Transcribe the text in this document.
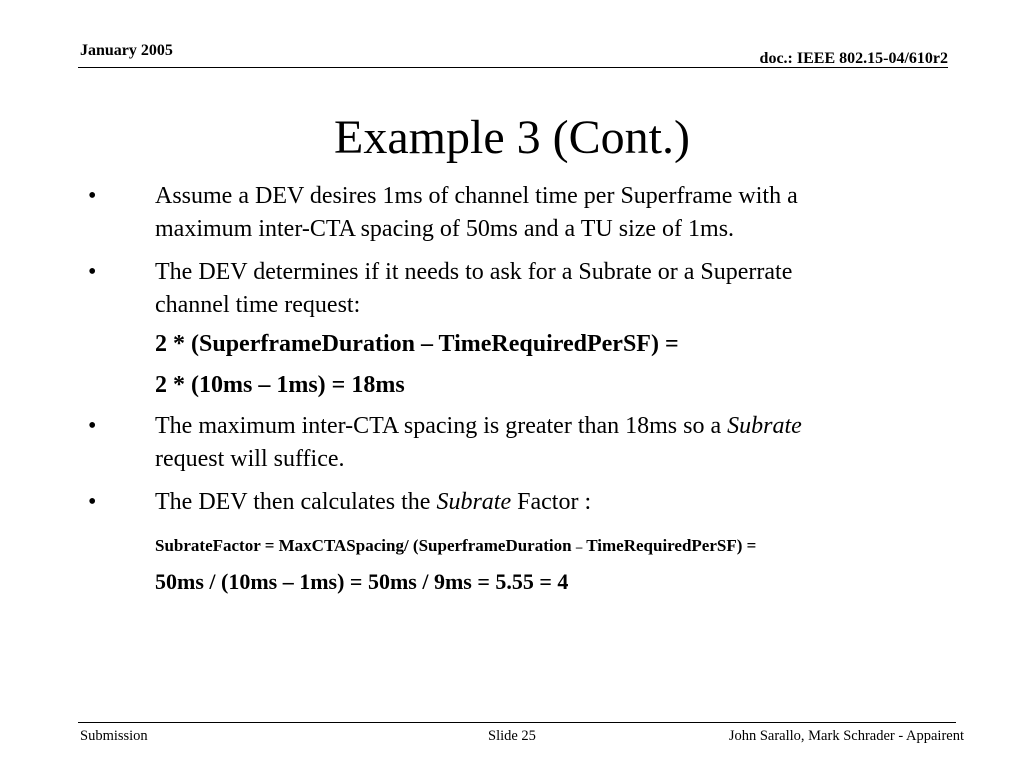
January 2005	doc.: IEEE 802.15-04/610r2
Example 3 (Cont.)
• Assume a DEV desires 1ms of channel time per Superframe with a
maximum inter-CTA spacing of 50ms and a TU size of 1ms.
• The DEV determines if it needs to ask for a Subrate or a Superrate
channel time request:
2 * (SuperframeDuration – TimeRequiredPerSF) =
2 * (10ms – 1ms) = 18ms
• The maximum inter-CTA spacing is greater than 18ms so a Subrate
request will suffice.
• The DEV then calculates the Subrate Factor :
SubrateFactor = MaxCTASpacing/ (SuperframeDuration – TimeRequiredPerSF) =
50ms / (10ms – 1ms) = 50ms / 9ms = 5.55 = 4
Submission	Slide 25	John Sarallo, Mark Schrader - Appairent
